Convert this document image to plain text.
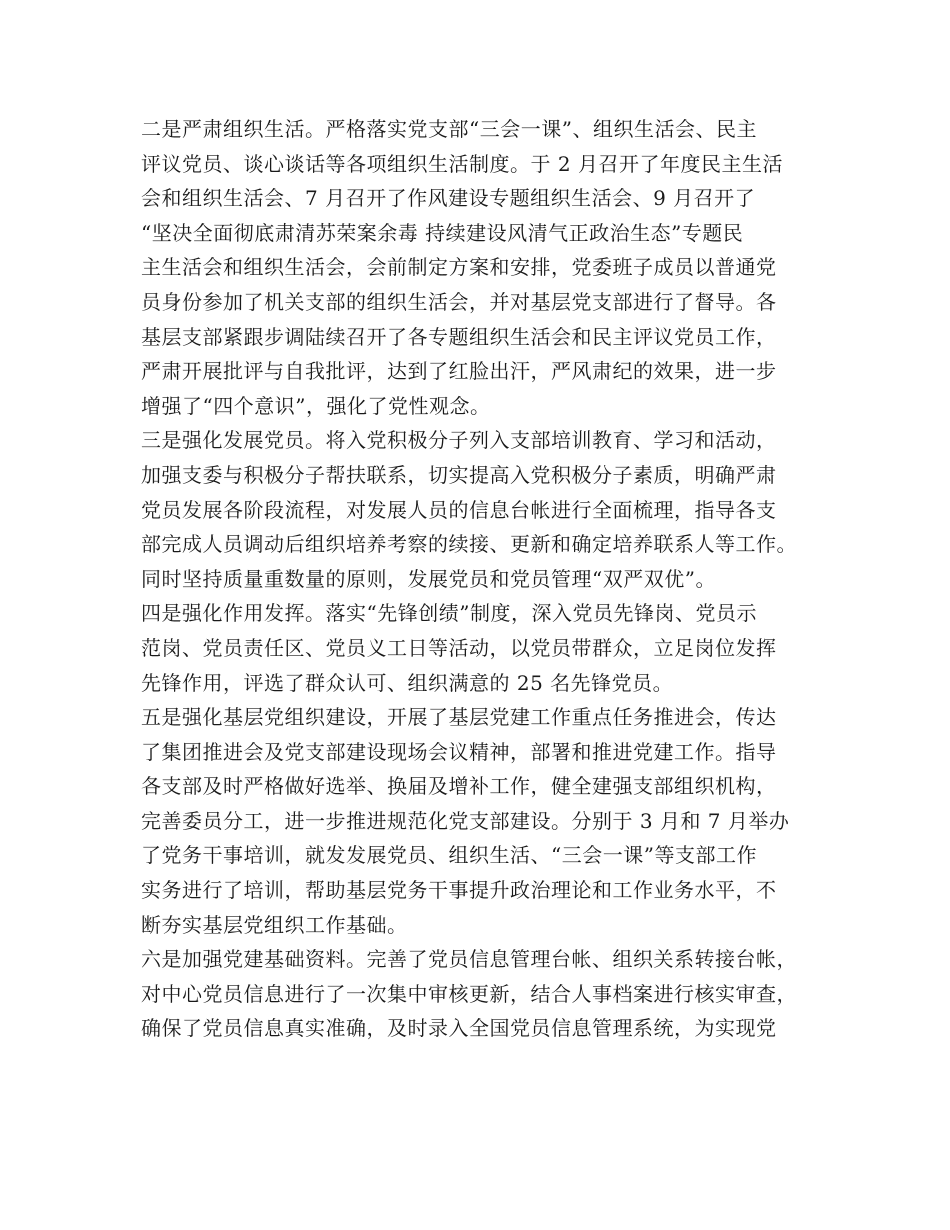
二是严肃组织生活。严格落实党支部“三会一课”、组织生活会、民主
评议党员、谈心谈话等各项组织生活制度。于 2 月召开了年度民主生活
会和组织生活会、7 月召开了作风建设专题组织生活会、9 月召开了
“坚决全面彻底肃清苏荣案余毒 持续建设风清气正政治生态”专题民
主生活会和组织生活会，会前制定方案和安排，党委班子成员以普通党
员身份参加了机关支部的组织生活会，并对基层党支部进行了督导。各
基层支部紧跟步调陆续召开了各专题组织生活会和民主评议党员工作，
严肃开展批评与自我批评，达到了红脸出汗，严风肃纪的效果，进一步
增强了“四个意识”，强化了党性观念。
三是强化发展党员。将入党积极分子列入支部培训教育、学习和活动，
加强支委与积极分子帮扶联系，切实提高入党积极分子素质，明确严肃
党员发展各阶段流程，对发展人员的信息台帐进行全面梳理，指导各支
部完成人员调动后组织培养考察的续接、更新和确定培养联系人等工作。
同时坚持质量重数量的原则，发展党员和党员管理“双严双优”。
四是强化作用发挥。落实“先锋创绩”制度，深入党员先锋岗、党员示
范岗、党员责任区、党员义工日等活动，以党员带群众，立足岗位发挥
先锋作用，评选了群众认可、组织满意的 25 名先锋党员。
五是强化基层党组织建设，开展了基层党建工作重点任务推进会，传达
了集团推进会及党支部建设现场会议精神，部署和推进党建工作。指导
各支部及时严格做好选举、换届及增补工作，健全建强支部组织机构，
完善委员分工，进一步推进规范化党支部建设。分别于 3 月和 7 月举办
了党务干事培训，就发发展党员、组织生活、“三会一课”等支部工作
实务进行了培训，帮助基层党务干事提升政治理论和工作业务水平，不
断夯实基层党组织工作基础。
六是加强党建基础资料。完善了党员信息管理台帐、组织关系转接台帐，
对中心党员信息进行了一次集中审核更新，结合人事档案进行核实审查，
确保了党员信息真实准确，及时录入全国党员信息管理系统，为实现党
